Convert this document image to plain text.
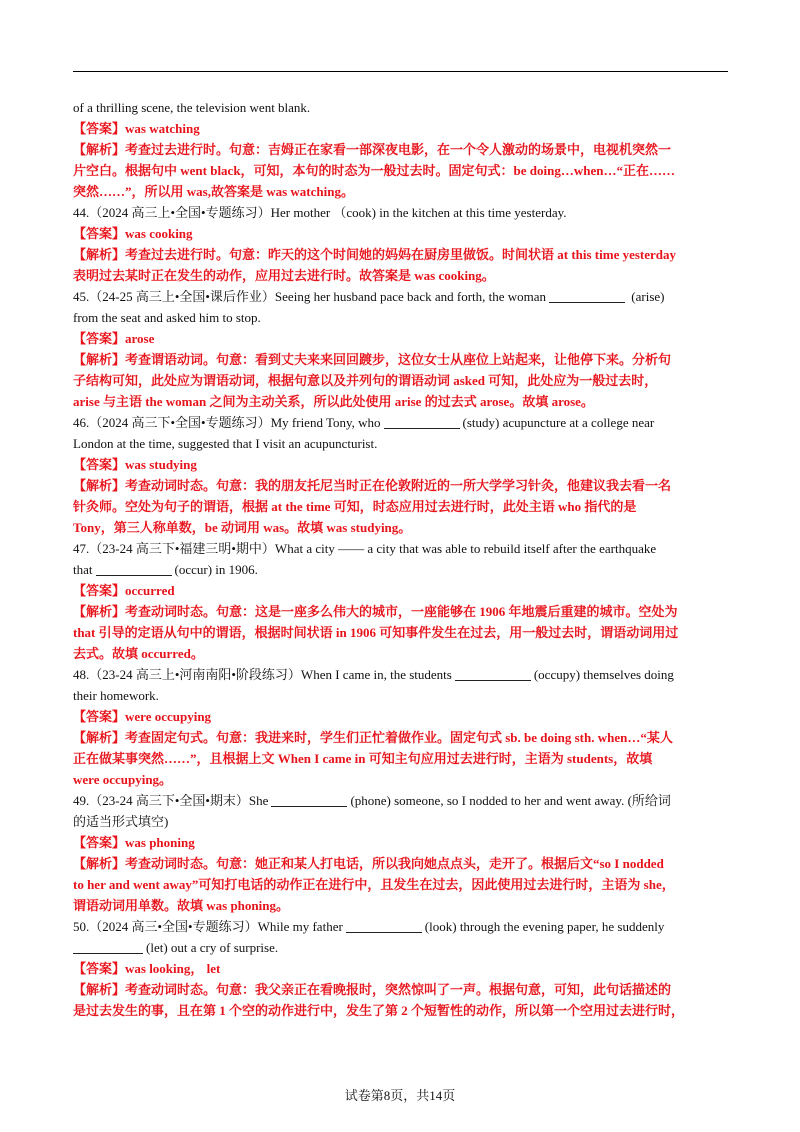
of a thrilling scene, the television went blank.
【答案】was watching
【解析】考查过去进行时。句意：吉姆正在家看一部深夜电影，在一个令人激动的场景中，电视机突然一
片空白。根据句中 went black，可知，本句的时态为一般过去时。固定句式：be doing…when…“正在……
突然……”，所以用 was,故答案是 was watching。
44.（2024 高三上•全国•专题练习）Her mother （cook) in the kitchen at this time yesterday.
【答案】was cooking
【解析】考查过去进行时。句意：昨天的这个时间她的妈妈在厨房里做饭。时间状语 at this time yesterday
表明过去某时正在发生的动作，应用过去进行时。故答案是 was cooking。
45.（24-25 高三上•全国•课后作业）Seeing her husband pace back and forth, the woman	(arise)
from the seat and asked him to stop.
【答案】arose
【解析】考查谓语动词。句意：看到丈夫来来回回踱步，这位女士从座位上站起来，让他停下来。分析句
子结构可知，此处应为谓语动词，根据句意以及并列句的谓语动词 asked 可知，此处应为一般过去时，
arise 与主语 the woman 之间为主动关系，所以此处使用 arise 的过去式 arose。故填 arose。
46.（2024 高三下•全国•专题练习）My friend Tony, who	(study) acupuncture at a college near
London at the time, suggested that I visit an acupuncturist.
【答案】was studying
【解析】考查动词时态。句意：我的朋友托尼当时正在伦敦附近的一所大学学习针灸，他建议我去看一名
针灸师。空处为句子的谓语，根据 at the time 可知，时态应用过去进行时，此处主语 who 指代的是
Tony，第三人称单数，be 动词用 was。故填 was studying。
47.（23-24 高三下•福建三明•期中）What a city —— a city that was able to rebuild itself after the earthquake
that	(occur) in 1906.
【答案】occurred
【解析】考查动词时态。句意：这是一座多么伟大的城市，一座能够在 1906 年地震后重建的城市。空处为
that 引导的定语从句中的谓语，根据时间状语 in 1906 可知事件发生在过去，用一般过去时，谓语动词用过
去式。故填 occurred。
48.（23-24 高三上•河南南阳•阶段练习）When I came in, the students	(occupy) themselves doing
their homework.
【答案】were occupying
【解析】考查固定句式。句意：我进来时，学生们正忙着做作业。固定句式 sb. be doing sth. when…“某人
正在做某事突然……”，且根据上文 When I came in 可知主句应用过去进行时，主语为 students，故填
were occupying。
49.（23-24 高三下•全国•期末）She	(phone) someone, so I nodded to her and went away. (所给词
的适当形式填空)
【答案】was phoning
【解析】考查动词时态。句意：她正和某人打电话，所以我向她点点头，走开了。根据后文“so I nodded
to her and went away”可知打电话的动作正在进行中，且发生在过去，因此使用过去进行时，主语为 she，
谓语动词用单数。故填 was phoning。
50.（2024 高三•全国•专题练习）While my father	(look) through the evening paper, he suddenly
(let) out a cry of surprise.
【答案】was looking， let
【解析】考查动词时态。句意：我父亲正在看晚报时，突然惊叫了一声。根据句意，可知，此句话描述的
是过去发生的事，且在第 1 个空的动作进行中，发生了第 2 个短暂性的动作，所以第一个空用过去进行时，
试卷第8页，共14页
